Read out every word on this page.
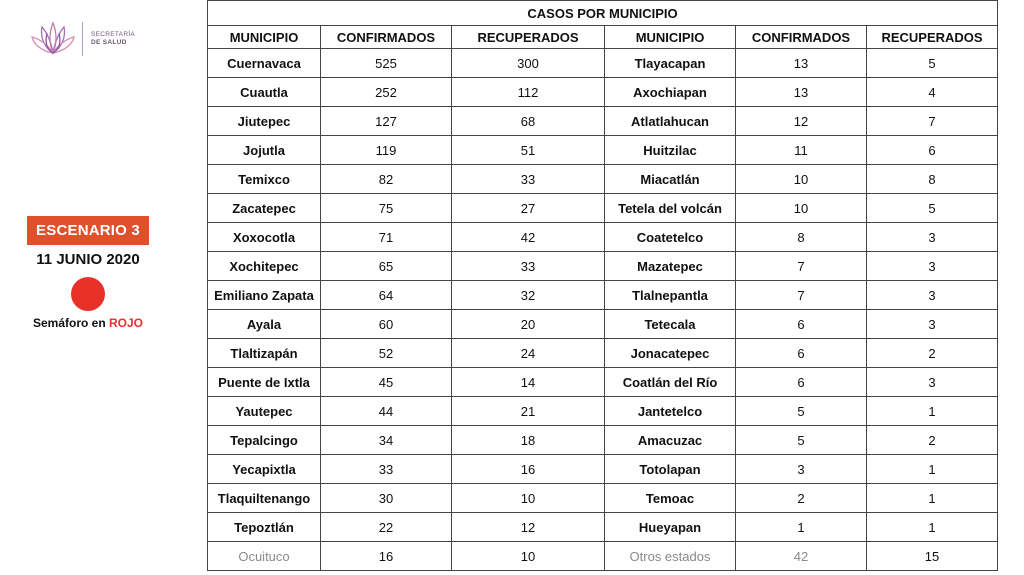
SECRETARÍA
DE SALUD
ESCENARIO 3
11 JUNIO 2020
Semáforo en ROJO
CASOS POR MUNICIPIO					
MUNICIPIO	CONFIRMADOS	RECUPERADOS	MUNICIPIO	CONFIRMADOS	RECUPERADOS
Cuernavaca	525	300	Tlayacapan	13	5
Cuautla	252	112	Axochiapan	13	4
Jiutepec	127	68	Atlatlahucan	12	7
Jojutla	119	51	Huitzilac	11	6
Temixco	82	33	Miacatlán	10	8
Zacatepec	75	27	Tetela del volcán	10	5
Xoxocotla	71	42	Coatetelco	8	3
Xochitepec	65	33	Mazatepec	7	3
Emiliano Zapata	64	32	Tlalnepantla	7	3
Ayala	60	20	Tetecala	6	3
Tlaltizapán	52	24	Jonacatepec	6	2
Puente de Ixtla	45	14	Coatlán del Río	6	3
Yautepec	44	21	Jantetelco	5	1
Tepalcingo	34	18	Amacuzac	5	2
Yecapixtla	33	16	Totolapan	3	1
Tlaquiltenango	30	10	Temoac	2	1
Tepoztlán	22	12	Hueyapan	1	1
Ocuituco	16	10	Otros estados	42	15
